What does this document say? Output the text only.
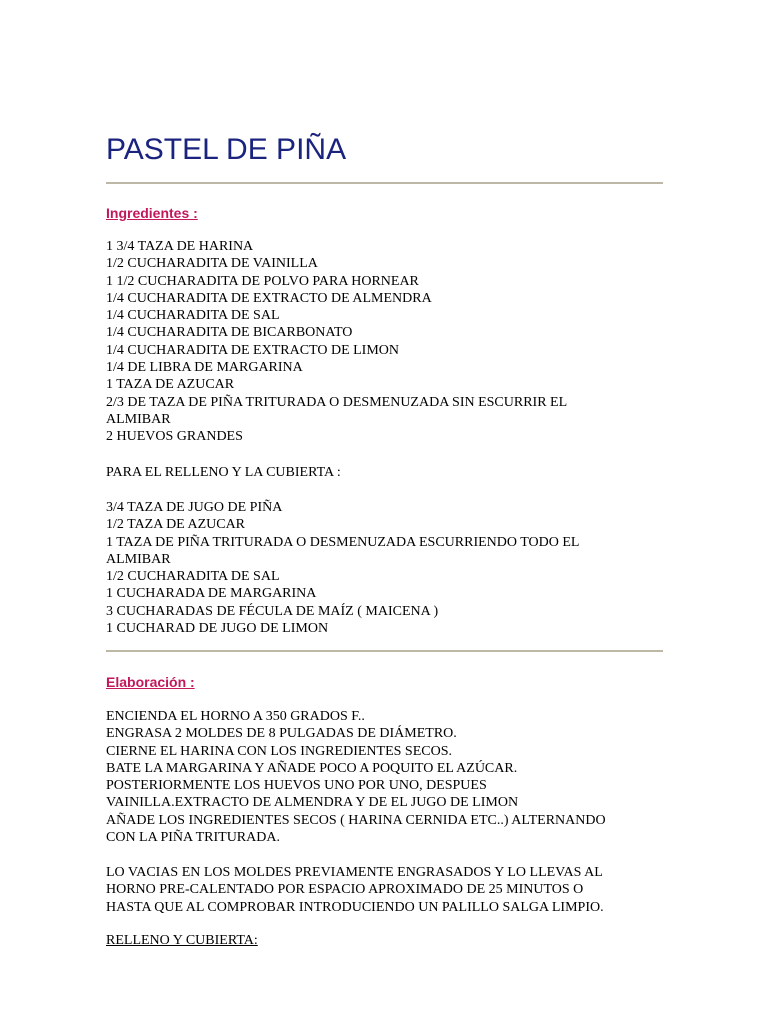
PASTEL DE PIÑA
Ingredientes :
1 3/4 TAZA DE HARINA
1/2 CUCHARADITA DE VAINILLA
1 1/2 CUCHARADITA DE POLVO PARA HORNEAR
1/4 CUCHARADITA DE EXTRACTO DE ALMENDRA
1/4 CUCHARADITA DE SAL
1/4 CUCHARADITA DE BICARBONATO
1/4 CUCHARADITA DE EXTRACTO DE LIMON
1/4 DE LIBRA DE MARGARINA
1 TAZA DE AZUCAR
2/3 DE TAZA DE PIÑA TRITURADA O DESMENUZADA SIN ESCURRIR EL
ALMIBAR
2 HUEVOS GRANDES

PARA EL RELLENO Y LA CUBIERTA :

3/4 TAZA DE JUGO DE PIÑA
1/2 TAZA DE AZUCAR
1 TAZA DE PIÑA TRITURADA O DESMENUZADA ESCURRIENDO TODO EL
ALMIBAR
1/2 CUCHARADITA DE SAL
1 CUCHARADA DE MARGARINA
3 CUCHARADAS DE FÉCULA DE MAÍZ ( MAICENA )
1 CUCHARAD DE JUGO DE LIMON
Elaboración :
ENCIENDA EL HORNO A 350 GRADOS F..
ENGRASA 2 MOLDES DE 8 PULGADAS DE DIÁMETRO.
CIERNE EL HARINA CON LOS INGREDIENTES SECOS.
BATE LA MARGARINA Y AÑADE POCO A POQUITO EL AZÚCAR.
POSTERIORMENTE LOS HUEVOS UNO POR UNO, DESPUES
VAINILLA.EXTRACTO DE ALMENDRA Y DE EL JUGO DE LIMON
AÑADE LOS INGREDIENTES SECOS ( HARINA CERNIDA ETC..) ALTERNANDO
CON LA PIÑA TRITURADA.
LO VACIAS EN LOS MOLDES PREVIAMENTE ENGRASADOS Y LO LLEVAS AL
HORNO PRE-CALENTADO POR ESPACIO APROXIMADO DE 25 MINUTOS O
HASTA QUE AL COMPROBAR INTRODUCIENDO UN PALILLO SALGA LIMPIO.

RELLENO Y CUBIERTA:
